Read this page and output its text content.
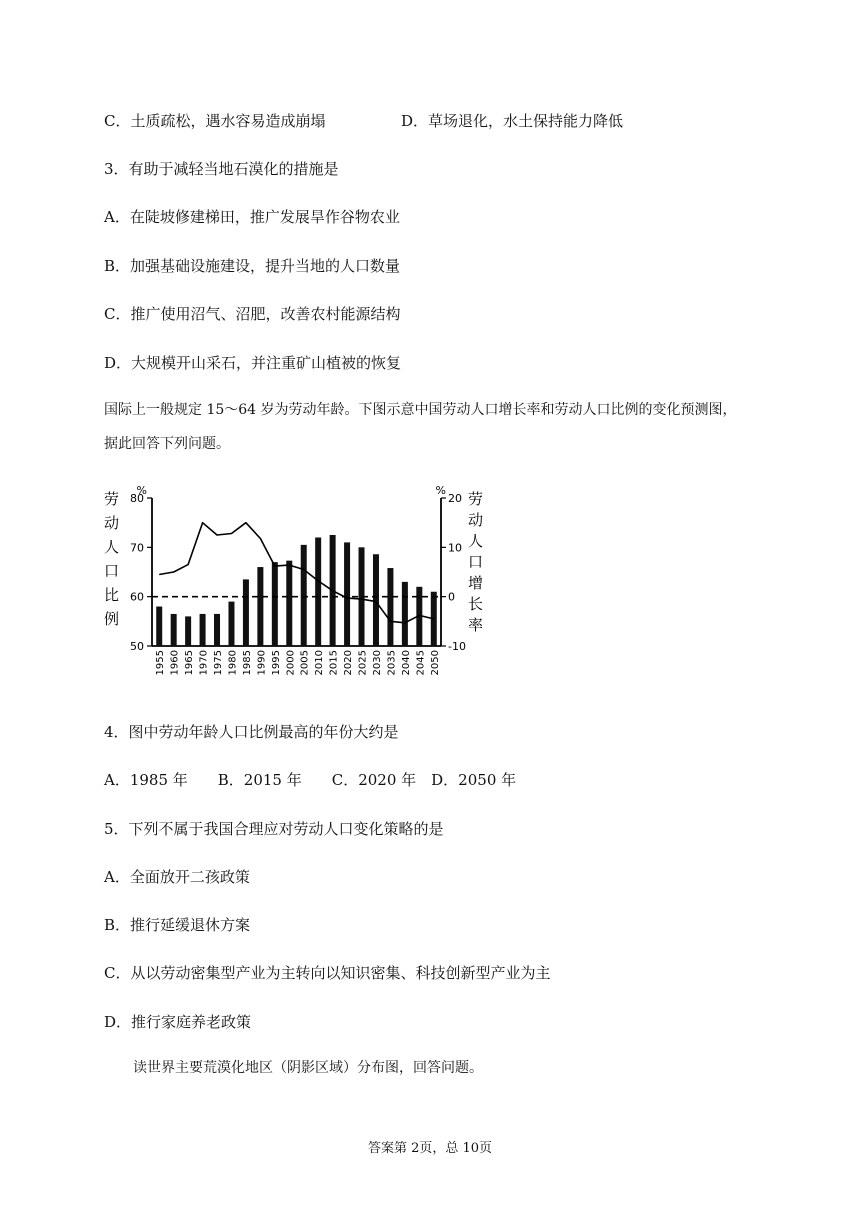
C．土质疏松，遇水容易造成崩塌	D．草场退化，水土保持能力降低
3．有助于减轻当地石漠化的措施是
A．在陡坡修建梯田，推广发展旱作谷物农业
B．加强基础设施建设，提升当地的人口数量
C．推广使用沼气、沼肥，改善农村能源结构
D．大规模开山采石，并注重矿山植被的恢复
国际上一般规定 15～64 岁为劳动年龄。下图示意中国劳动人口增长率和劳动人口比例的变化预测图，
据此回答下列问题。
50
60
70
80
-10
0
10
20
%	%
劳
动
人
口
比
例
劳
动
人
口
增
长
率
1955 1960 1965 1970 1975 1980 1985 1990 1995 2000 2005 2010 2015 2020 2025 2030 2035 2040 2045 2050
4．图中劳动年龄人口比例最高的年份大约是
A．1985 年　　B．2015 年　　C．2020 年　D．2050 年
5．下列不属于我国合理应对劳动人口变化策略的是
A．全面放开二孩政策
B．推行延缓退休方案
C．从以劳动密集型产业为主转向以知识密集、科技创新型产业为主
D．推行家庭养老政策
读世界主要荒漠化地区（阴影区域）分布图，回答问题。
答案第 2页，总 10页
